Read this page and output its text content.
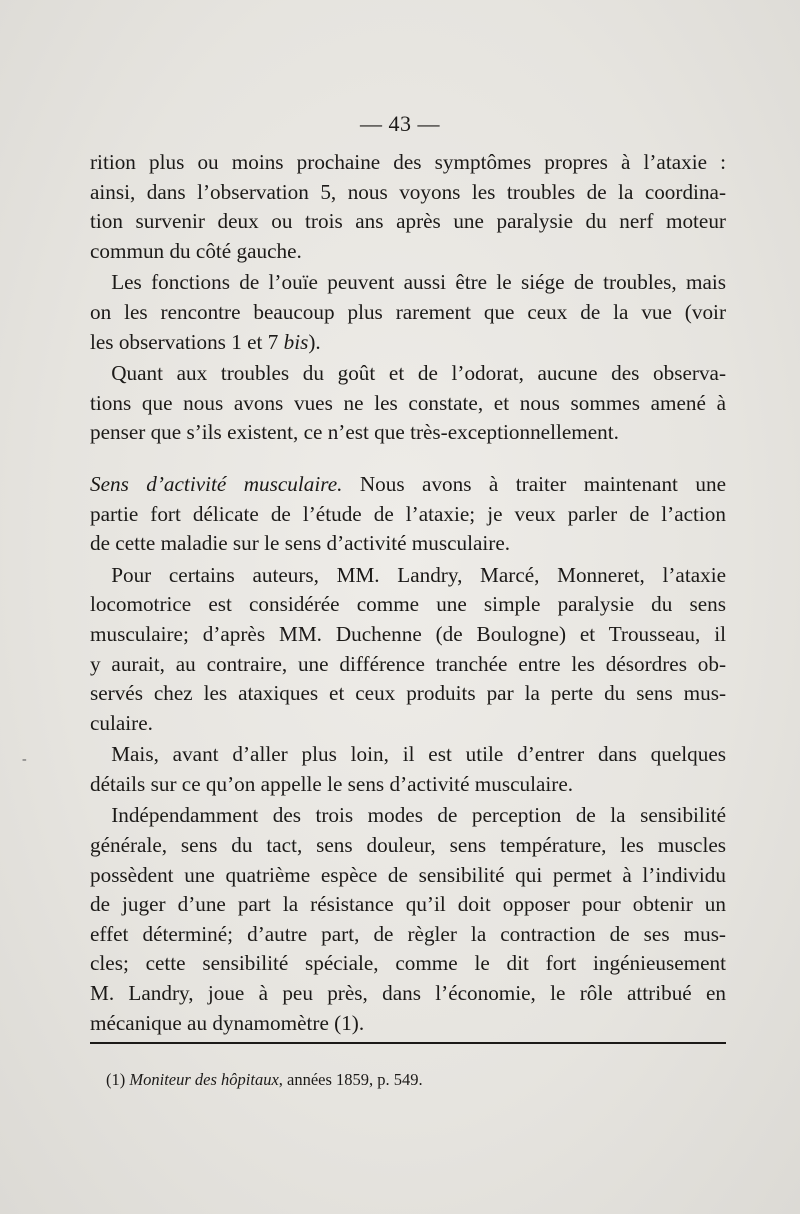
— 43 —
rition plus ou moins prochaine des symptômes propres à l’ataxie :
ainsi, dans l’observation 5, nous voyons les troubles de la coordina-
tion survenir deux ou trois ans après une paralysie du nerf moteur
commun du côté gauche.
 Les fonctions de l’ouïe peuvent aussi être le siége de troubles, mais
on les rencontre beaucoup plus rarement que ceux de la vue (voir
les observations 1 et 7 bis).
 Quant aux troubles du goût et de l’odorat, aucune des observa-
tions que nous avons vues ne les constate, et nous sommes amené à
penser que s’ils existent, ce n’est que très-exceptionnellement.
Sens d’activité musculaire. Nous avons à traiter maintenant une
partie fort délicate de l’étude de l’ataxie; je veux parler de l’action
de cette maladie sur le sens d’activité musculaire.
 Pour certains auteurs, MM. Landry, Marcé, Monneret, l’ataxie
locomotrice est considérée comme une simple paralysie du sens
musculaire; d’après MM. Duchenne (de Boulogne) et Trousseau, il
y aurait, au contraire, une différence tranchée entre les désordres ob-
servés chez les ataxiques et ceux produits par la perte du sens mus-
culaire.
 Mais, avant d’aller plus loin, il est utile d’entrer dans quelques
détails sur ce qu’on appelle le sens d’activité musculaire.
 Indépendamment des trois modes de perception de la sensibilité
générale, sens du tact, sens douleur, sens température, les muscles
possèdent une quatrième espèce de sensibilité qui permet à l’individu
de juger d’une part la résistance qu’il doit opposer pour obtenir un
effet déterminé; d’autre part, de règler la contraction de ses mus-
cles; cette sensibilité spéciale, comme le dit fort ingénieusement
M. Landry, joue à peu près, dans l’économie, le rôle attribué en
mécanique au dynamomètre (1).
(1) Moniteur des hôpitaux, années 1859, p. 549.
-
